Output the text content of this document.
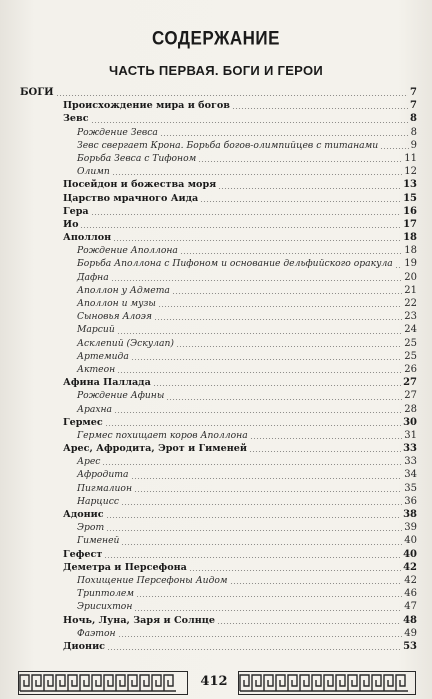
СОДЕРЖАНИЕ
ЧАСТЬ ПЕРВАЯ. БОГИ И ГЕРОИ
БОГИ	7
Происхождение мира и богов	7
Зевс	8
Рождение Зевса	8
Зевс свергает Крона. Борьба богов-олимпийцев с титанами	9
Борьба Зевса с Тифоном	11
Олимп	12
Посейдон и божества моря	13
Царство мрачного Аида	15
Гера	16
Ио	17
Аполлон	18
Рождение Аполлона	18
Борьба Аполлона с Пифоном и основание дельфийского оракула 19
Дафна	20
Аполлон у Адмета	21
Аполлон и музы	22
Сыновья Алоэя	23
Марсий	24
Асклепий (Эскулап)	25
Артемида	25
Актеон	26
Афина Паллада	27
Рождение Афины	27
Арахна	28
Гермес	30
Гермес похищает коров Аполлона	31
Арес, Афродита, Эрот и Гименей	33
Арес	33
Афродита	34
Пигмалион	35
Нарцисс	36
Адонис	38
Эрот	39
Гименей	40
Гефест	40
Деметра и Персефона	42
Похищение Персефоны Аидом	42
Триптолем	46
Эрисихтон	47
Ночь, Луна, Заря и Солнце	48
Фаэтон	49
Дионис	53
412
